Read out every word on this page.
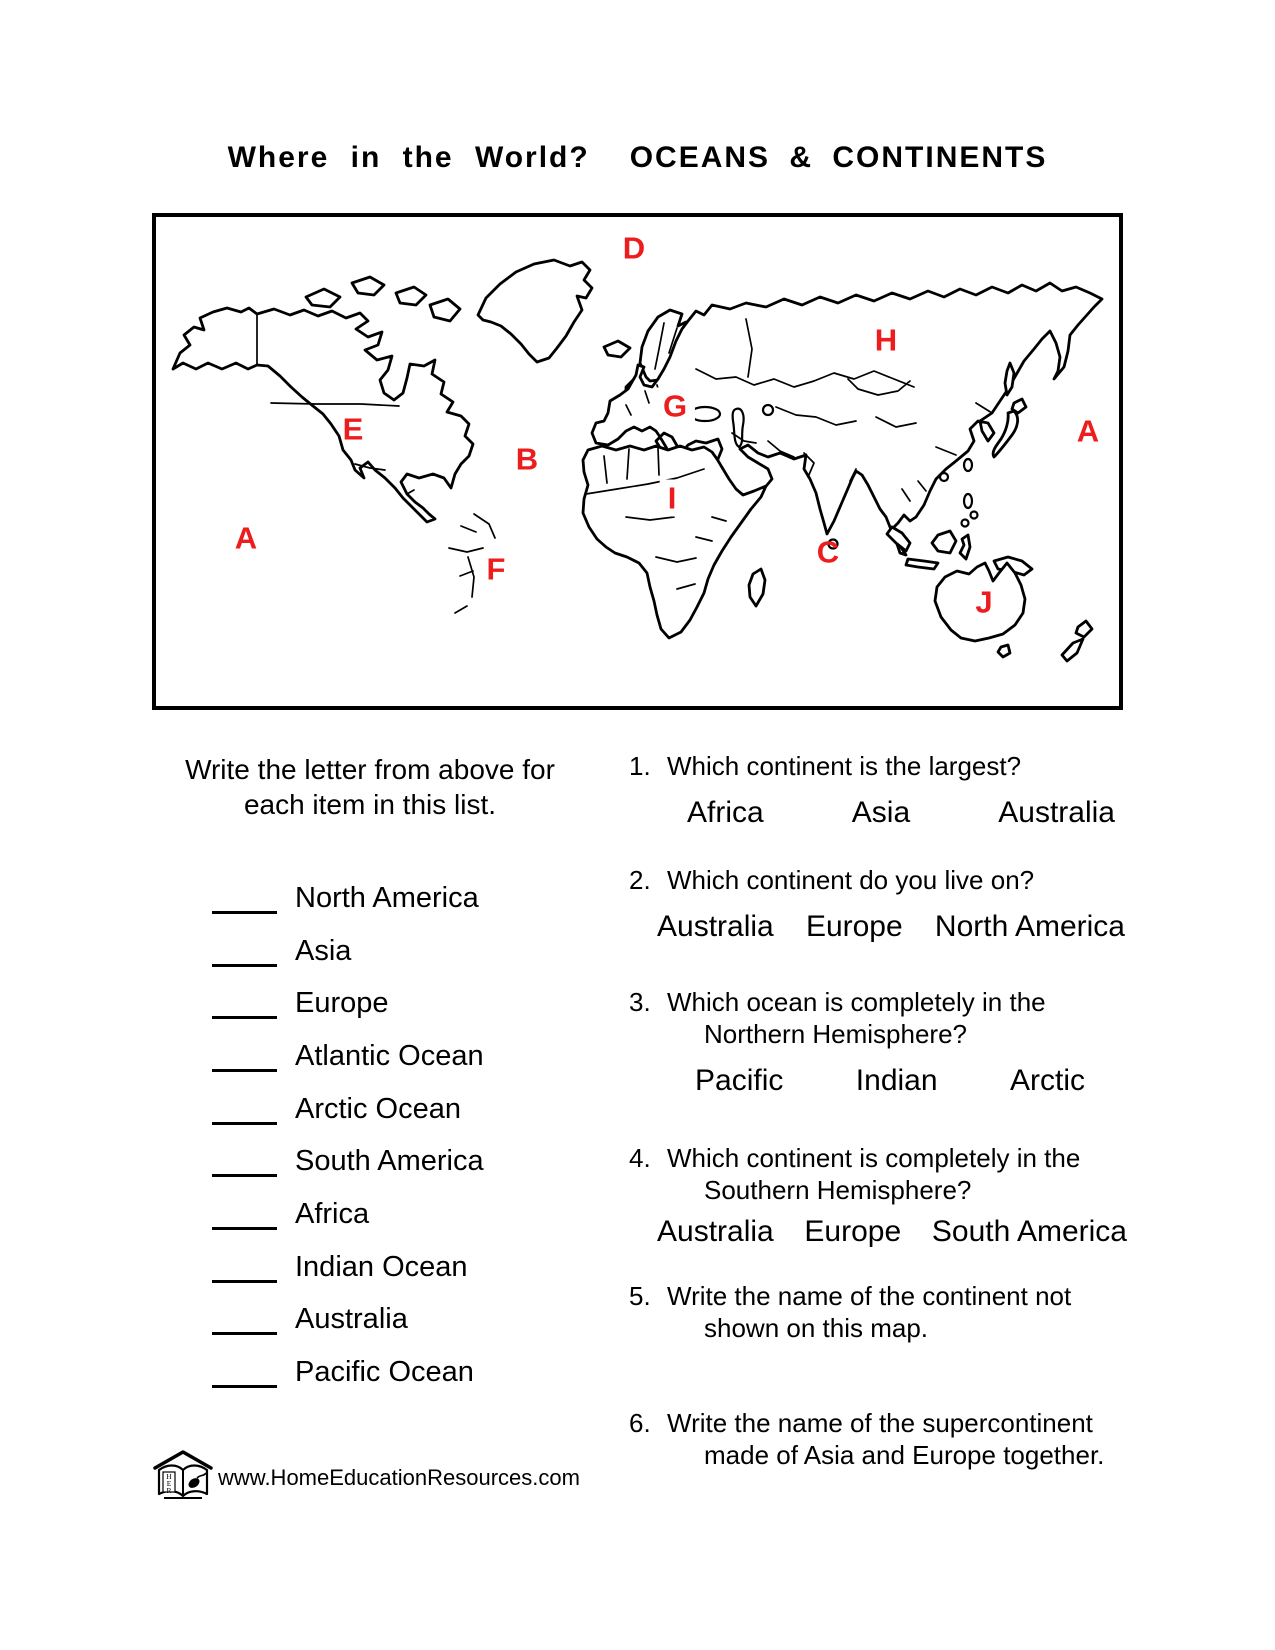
Where in the World? OCEANS & CONTINENTS
D
H
G
E	A
B
I
A	C
F
J
Write the letter from above for
each item in this list.
North America
Asia
Europe
Atlantic Ocean
Arctic Ocean
South America
Africa
Indian Ocean
Australia
Pacific Ocean
1. Which continent is the largest?
Africa	Asia	Australia
2. Which continent do you live on?
Australia Europe North America
3. Which ocean is completely in the
Northern Hemisphere?
Pacific Indian Arctic
4. Which continent is completely in the
Southern Hemisphere?
Australia Europe South America
5. Write the name of the continent not
shown on this map.
6. Write the name of the supercontinent
made of Asia and Europe together.
H
E
R
www.HomeEducationResources.com
